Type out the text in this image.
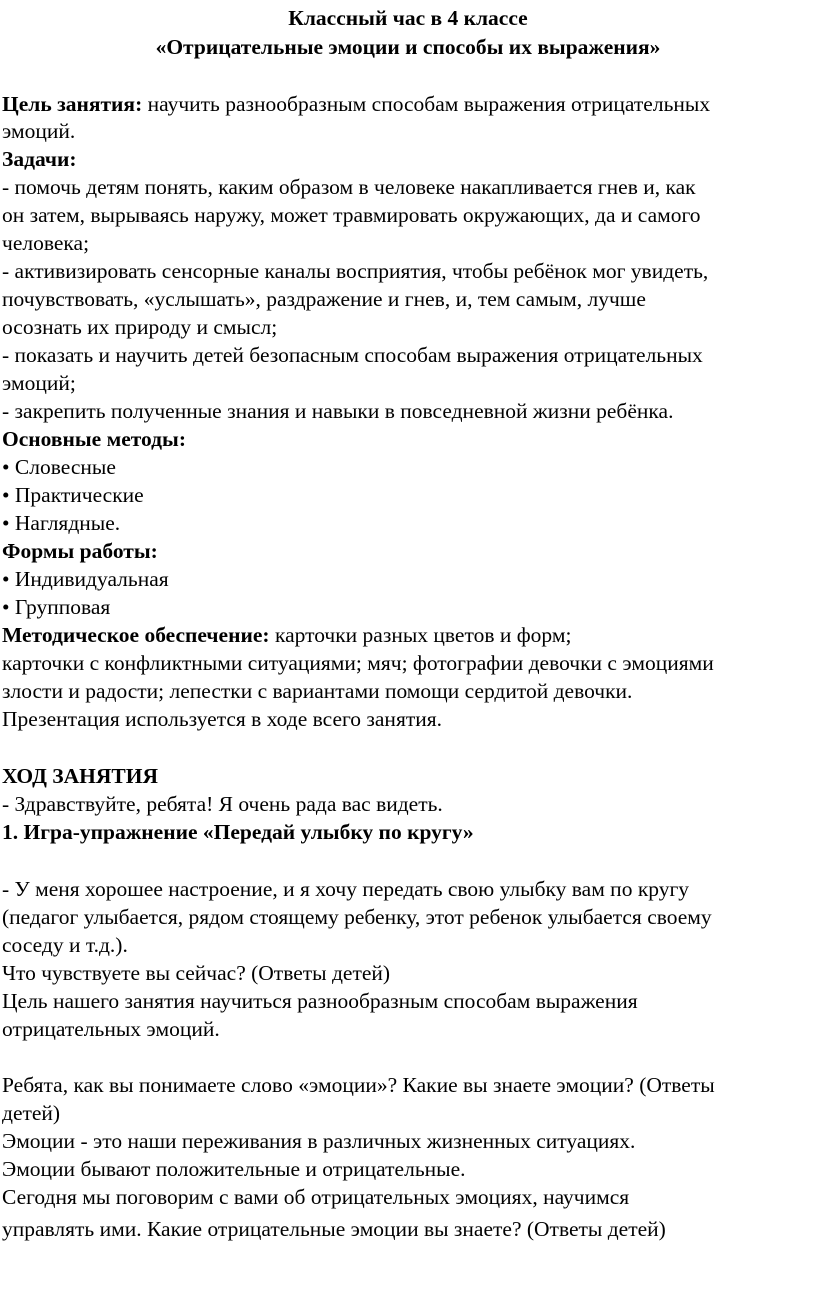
Классный час в 4 классе
«Отрицательные эмоции и способы их выражения»
Цель занятия: научить разнообразным способам выражения отрицательных
эмоций.
Задачи:
- помочь детям понять, каким образом в человеке накапливается гнев и, как
он затем, вырываясь наружу, может травмировать окружающих, да и самого
человека;
- активизировать сенсорные каналы восприятия, чтобы ребёнок мог увидеть,
почувствовать, «услышать», раздражение и гнев, и, тем самым, лучше
осознать их природу и смысл;
- показать и научить детей безопасным способам выражения отрицательных
эмоций;
- закрепить полученные знания и навыки в повседневной жизни ребёнка.
Основные методы:
• Словесные
• Практические
• Наглядные.
Формы работы:
• Индивидуальная
• Групповая
Методическое обеспечение: карточки разных цветов и форм;
карточки с конфликтными ситуациями; мяч; фотографии девочки с эмоциями
злости и радости; лепестки с вариантами помощи сердитой девочки.
Презентация используется в ходе всего занятия.
ХОД ЗАНЯТИЯ
- Здравствуйте, ребята! Я очень рада вас видеть.
1. Игра-упражнение «Передай улыбку по кругу»
- У меня хорошее настроение, и я хочу передать свою улыбку вам по кругу
(педагог улыбается, рядом стоящему ребенку, этот ребенок улыбается своему
соседу и т.д.).
Что чувствуете вы сейчас? (Ответы детей)
Цель нашего занятия научиться разнообразным способам выражения
отрицательных эмоций.
Ребята, как вы понимаете слово «эмоции»? Какие вы знаете эмоции? (Ответы
детей)
Эмоции - это наши переживания в различных жизненных ситуациях.
Эмоции бывают положительные и отрицательные.
Сегодня мы поговорим с вами об отрицательных эмоциях, научимся
управлять ими. Какие отрицательные эмоции вы знаете? (Ответы детей)
